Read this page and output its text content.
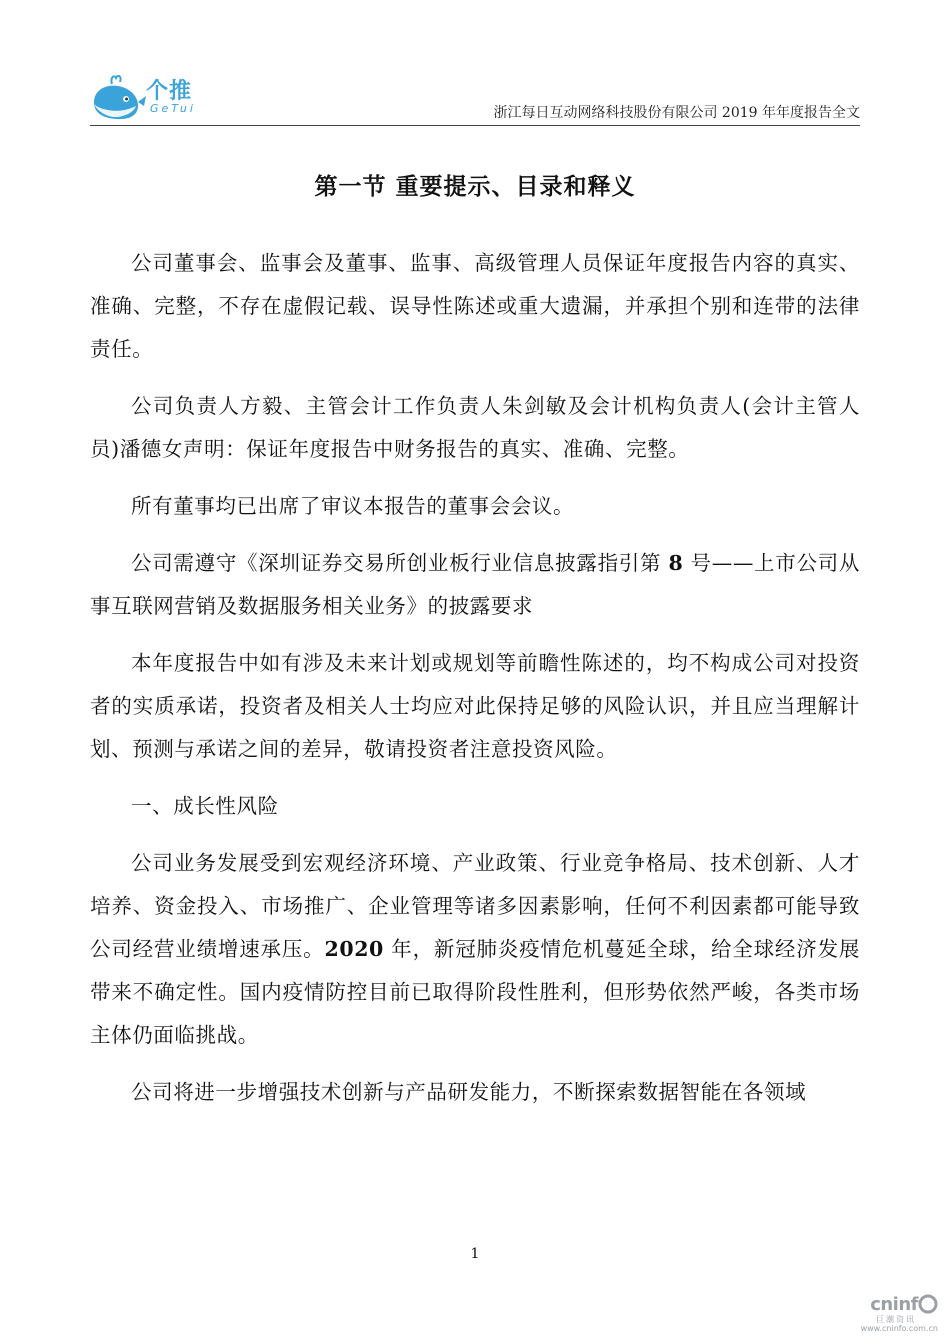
个推
GeTui	浙江每日互动网络科技股份有限公司 2019 年年度报告全文
第一节 重要提示、目录和释义

公司董事会、监事会及董事、监事、高级管理人员保证年度报告内容的真实、准确、完整，不存在虚假记载、误导性陈述或重大遗漏，并承担个别和连带的法律责任。

公司负责人方毅、主管会计工作负责人朱剑敏及会计机构负责人(会计主管人员)潘德女声明：保证年度报告中财务报告的真实、准确、完整。

所有董事均已出席了审议本报告的董事会会议。

公司需遵守《深圳证券交易所创业板行业信息披露指引第 8 号——上市公司从事互联网营销及数据服务相关业务》的披露要求

本年度报告中如有涉及未来计划或规划等前瞻性陈述的，均不构成公司对投资者的实质承诺，投资者及相关人士均应对此保持足够的风险认识，并且应当理解计划、预测与承诺之间的差异，敬请投资者注意投资风险。

一、成长性风险

公司业务发展受到宏观经济环境、产业政策、行业竞争格局、技术创新、人才培养、资金投入、市场推广、企业管理等诸多因素影响，任何不利因素都可能导致公司经营业绩增速承压。2020 年，新冠肺炎疫情危机蔓延全球，给全球经济发展带来不确定性。国内疫情防控目前已取得阶段性胜利，但形势依然严峻，各类市场主体仍面临挑战。

公司将进一步增强技术创新与产品研发能力，不断探索数据智能在各领域

1
cninf
巨潮资讯
www.cninfo.com.cn
